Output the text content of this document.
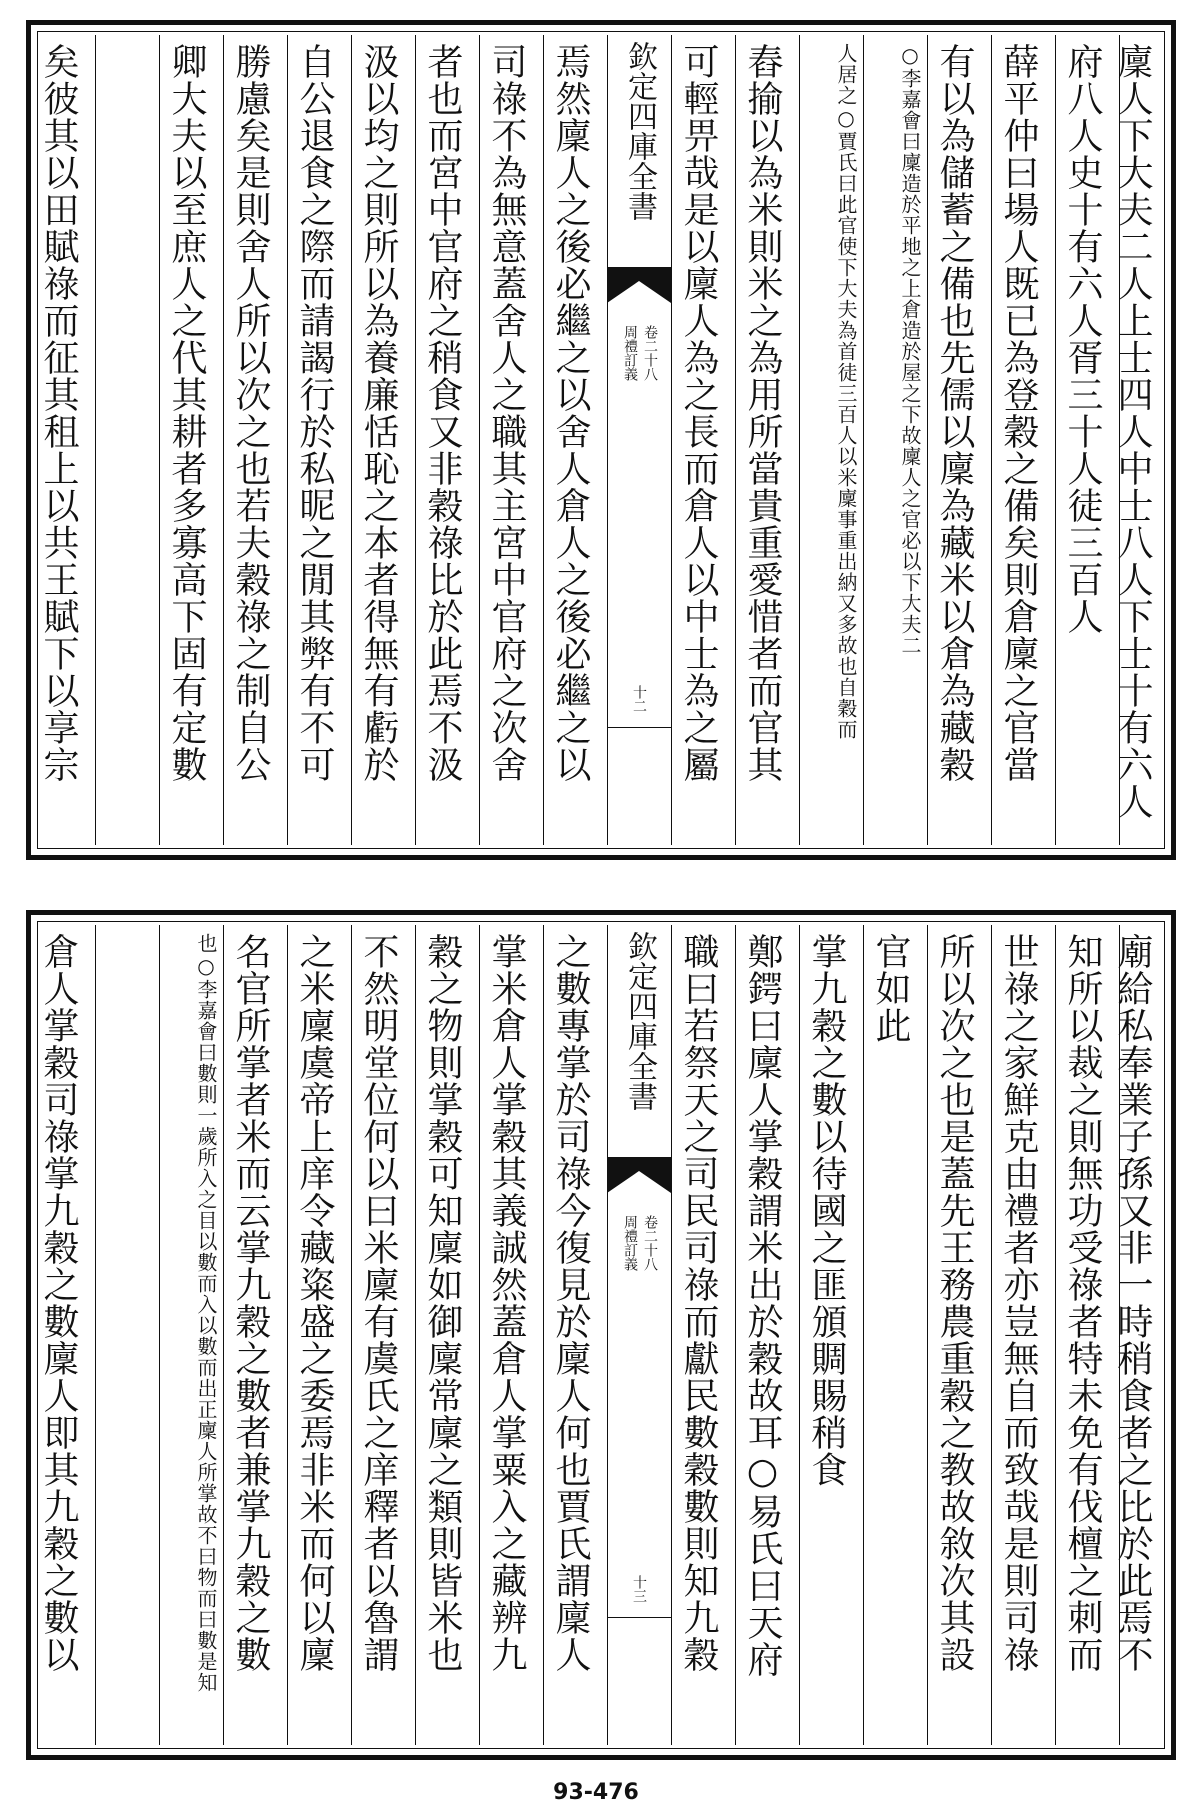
廩人下大夫二人上士四人中士八人下士十有六人
府八人史十有六人胥三十人徒三百人
薛平仲曰場人既已為登穀之備矣則倉廩之官當
有以為儲蓄之備也先儒以廩為藏米以倉為藏穀
○李嘉會曰廩造於平地之上倉造於屋之下故廩人之官必以下大夫二
人居之○賈氏曰此官使下大夫為首徒三百人以米廩事重出納又多故也自穀而
舂揄以為米則米之為用所當貴重愛惜者而官其
可輕畀哉是以廩人為之長而倉人以中士為之屬
欽定四庫全書
周禮訂義 卷二十八
十二
焉然廩人之後必繼之以舍人倉人之後必繼之以
司祿不為無意蓋舍人之職其主宮中官府之次舍
者也而宮中官府之稍食又非穀祿比於此焉不汲
汲以均之則所以為養廉恬恥之本者得無有虧於
自公退食之際而請謁行於私昵之閒其弊有不可
勝慮矣是則舍人所以次之也若夫穀祿之制自公
卿大夫以至庶人之代其耕者多寡高下固有定數
矣彼其以田賦祿而征其租上以共王賦下以享宗
廟給私奉業子孫又非一時稍食者之比於此焉不
知所以裁之則無功受祿者特未免有伐檀之刺而
世祿之家鮮克由禮者亦豈無自而致哉是則司祿
所以次之也是蓋先王務農重穀之教故敘次其設
官如此
掌九穀之數以待國之匪頒賙賜稍食
鄭鍔曰廩人掌穀謂米出於穀故耳○易氏曰天府
職曰若祭天之司民司祿而獻民數穀數則知九穀
欽定四庫全書
周禮訂義 卷二十八
十三
之數專掌於司祿今復見於廩人何也賈氏謂廩人
掌米倉人掌穀其義誠然蓋倉人掌粟入之藏辨九
穀之物則掌穀可知廩如御廩常廩之類則皆米也
不然明堂位何以曰米廩有虞氏之庠釋者以魯謂
之米廩虞帝上庠令藏粢盛之委焉非米而何以廩
名官所掌者米而云掌九穀之數者兼掌九穀之數
也○李嘉會曰數則一歲所入之目以數而入以數而出正廩人所掌故不曰物而曰數是知
倉人掌穀司祿掌九穀之數廩人即其九穀之數以
93-476
